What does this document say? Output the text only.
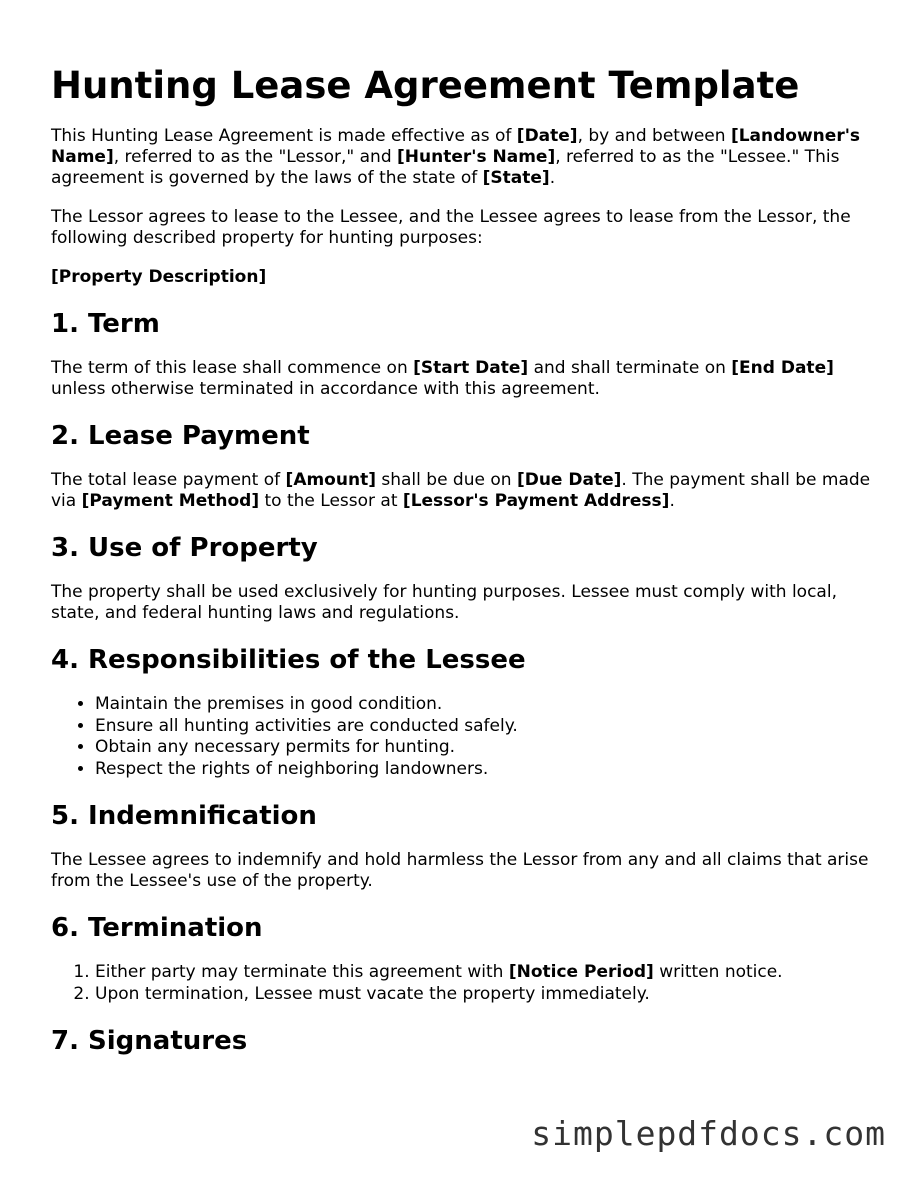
Hunting Lease Agreement Template

This Hunting Lease Agreement is made effective as of [Date], by and between [Landowner's Name], referred to as the "Lessor," and [Hunter's Name], referred to as the "Lessee." This agreement is governed by the laws of the state of [State].

The Lessor agrees to lease to the Lessee, and the Lessee agrees to lease from the Lessor, the following described property for hunting purposes:

[Property Description]

1. Term

The term of this lease shall commence on [Start Date] and shall terminate on [End Date] unless otherwise terminated in accordance with this agreement.

2. Lease Payment

The total lease payment of [Amount] shall be due on [Due Date]. The payment shall be made via [Payment Method] to the Lessor at [Lessor's Payment Address].

3. Use of Property

The property shall be used exclusively for hunting purposes. Lessee must comply with local, state, and federal hunting laws and regulations.

4. Responsibilities of the Lessee
• Maintain the premises in good condition.
• Ensure all hunting activities are conducted safely.
• Obtain any necessary permits for hunting.
• Respect the rights of neighboring landowners.
5. Indemnification

The Lessee agrees to indemnify and hold harmless the Lessor from any and all claims that arise from the Lessee's use of the property.

6. Termination
1. Either party may terminate this agreement with [Notice Period] written notice.
2. Upon termination, Lessee must vacate the property immediately.
7. Signatures
simplepdfdocs.com
